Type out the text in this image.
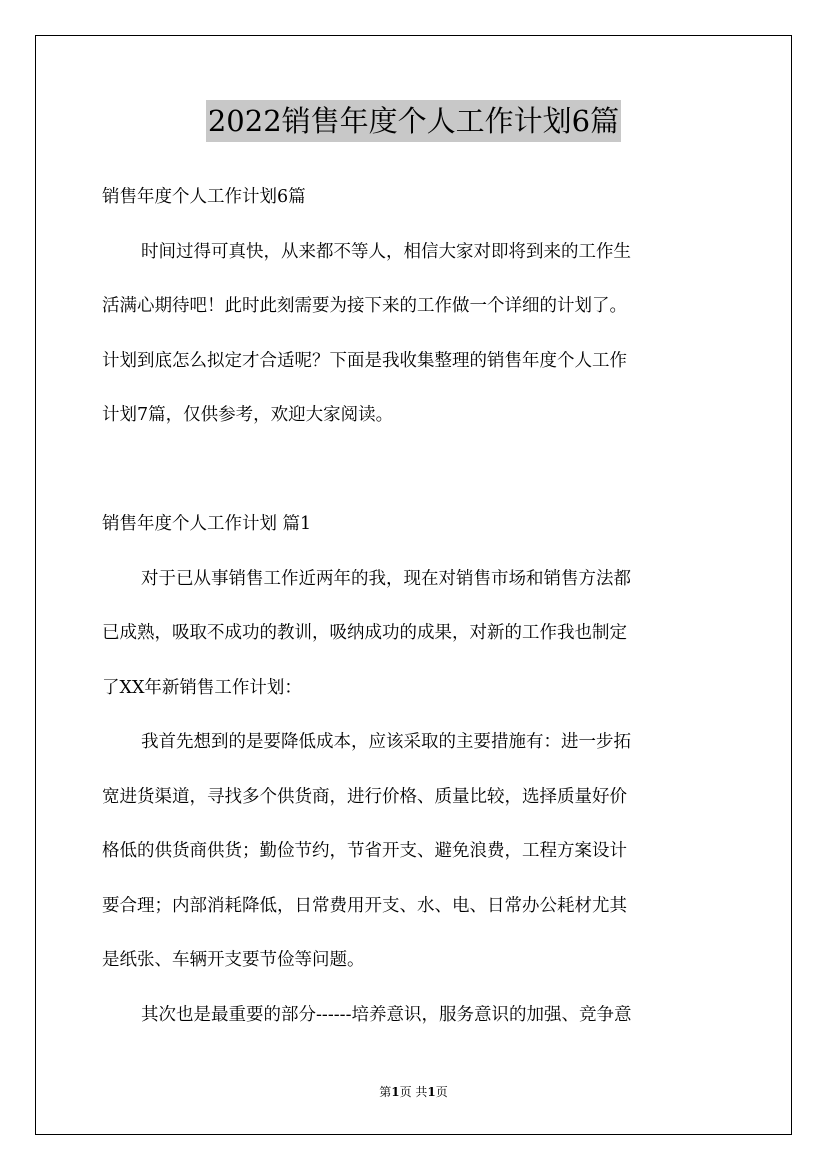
2022销售年度个人工作计划6篇
销售年度个人工作计划6篇
时间过得可真快，从来都不等人，相信大家对即将到来的工作生
活满心期待吧！此时此刻需要为接下来的工作做一个详细的计划了。
计划到底怎么拟定才合适呢？下面是我收集整理的销售年度个人工作
计划7篇，仅供参考，欢迎大家阅读。
销售年度个人工作计划 篇1
对于已从事销售工作近两年的我，现在对销售市场和销售方法都
已成熟，吸取不成功的教训，吸纳成功的成果，对新的工作我也制定
了XX年新销售工作计划：
我首先想到的是要降低成本，应该采取的主要措施有：进一步拓
宽进货渠道，寻找多个供货商，进行价格、质量比较，选择质量好价
格低的供货商供货；勤俭节约，节省开支、避免浪费，工程方案设计
要合理；内部消耗降低，日常费用开支、水、电、日常办公耗材尤其
是纸张、车辆开支要节俭等问题。
其次也是最重要的部分------培养意识，服务意识的加强、竞争意
第1页 共1页
